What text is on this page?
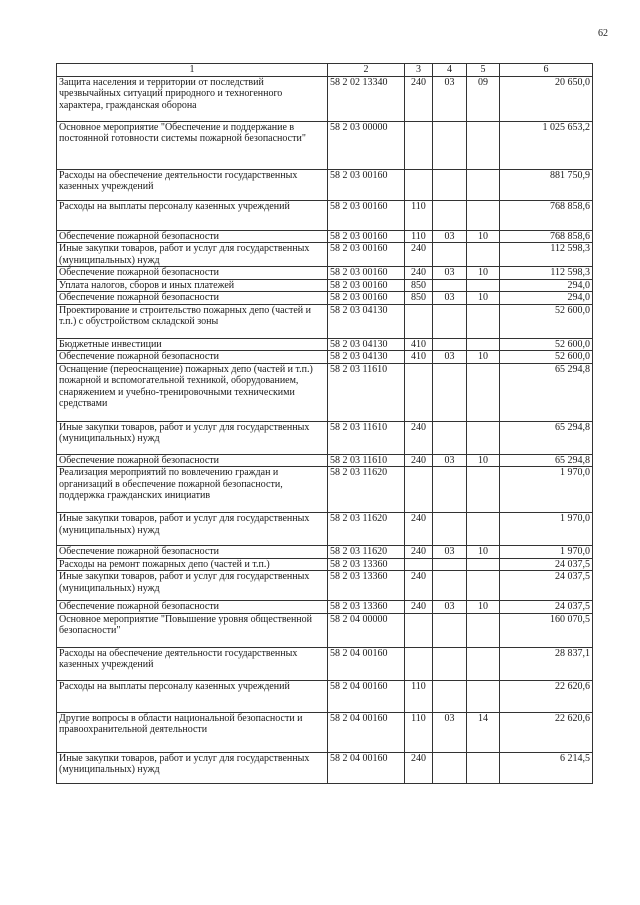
62
1	2	3	4	5	6
Защита населения и территории от последствий чрезвычайных ситуаций природного и техногенного характера, гражданская оборона	58 2 02 13340	240	03	09	20 650,0
Основное мероприятие "Обеспечение и поддержание в постоянной готовности системы пожарной безопасности"	58 2 03 00000				1 025 653,2
Расходы на обеспечение деятельности государственных казенных учреждений	58 2 03 00160				881 750,9
Расходы на выплаты персоналу казенных учреждений	58 2 03 00160	110			768 858,6
Обеспечение пожарной безопасности	58 2 03 00160	110	03	10	768 858,6
Иные закупки товаров, работ и услуг для государственных (муниципальных) нужд	58 2 03 00160	240			112 598,3
Обеспечение пожарной безопасности	58 2 03 00160	240	03	10	112 598,3
Уплата налогов, сборов и иных платежей	58 2 03 00160	850			294,0
Обеспечение пожарной безопасности	58 2 03 00160	850	03	10	294,0
Проектирование и строительство пожарных депо (частей и т.п.) с обустройством складской зоны	58 2 03 04130				52 600,0
Бюджетные инвестиции	58 2 03 04130	410			52 600,0
Обеспечение пожарной безопасности	58 2 03 04130	410	03	10	52 600,0
Оснащение (переоснащение) пожарных депо (частей и т.п.) пожарной и вспомогательной техникой, оборудованием, снаряжением и учебно-тренировочными техническими средствами	58 2 03 11610				65 294,8
Иные закупки товаров, работ и услуг для государственных (муниципальных) нужд	58 2 03 11610	240			65 294,8
Обеспечение пожарной безопасности	58 2 03 11610	240	03	10	65 294,8
Реализация мероприятий по вовлечению граждан и организаций в обеспечение пожарной безопасности, поддержка гражданских инициатив	58 2 03 11620				1 970,0
Иные закупки товаров, работ и услуг для государственных (муниципальных) нужд	58 2 03 11620	240			1 970,0
Обеспечение пожарной безопасности	58 2 03 11620	240	03	10	1 970,0
Расходы на ремонт пожарных депо (частей и т.п.)	58 2 03 13360				24 037,5
Иные закупки товаров, работ и услуг для государственных (муниципальных) нужд	58 2 03 13360	240			24 037,5
Обеспечение пожарной безопасности	58 2 03 13360	240	03	10	24 037,5
Основное мероприятие "Повышение уровня общественной безопасности"	58 2 04 00000				160 070,5
Расходы на обеспечение деятельности государственных казенных учреждений	58 2 04 00160				28 837,1
Расходы на выплаты персоналу казенных учреждений	58 2 04 00160	110			22 620,6
Другие вопросы в области национальной безопасности и правоохранительной деятельности	58 2 04 00160	110	03	14	22 620,6
Иные закупки товаров, работ и услуг для государственных (муниципальных) нужд	58 2 04 00160	240			6 214,5
